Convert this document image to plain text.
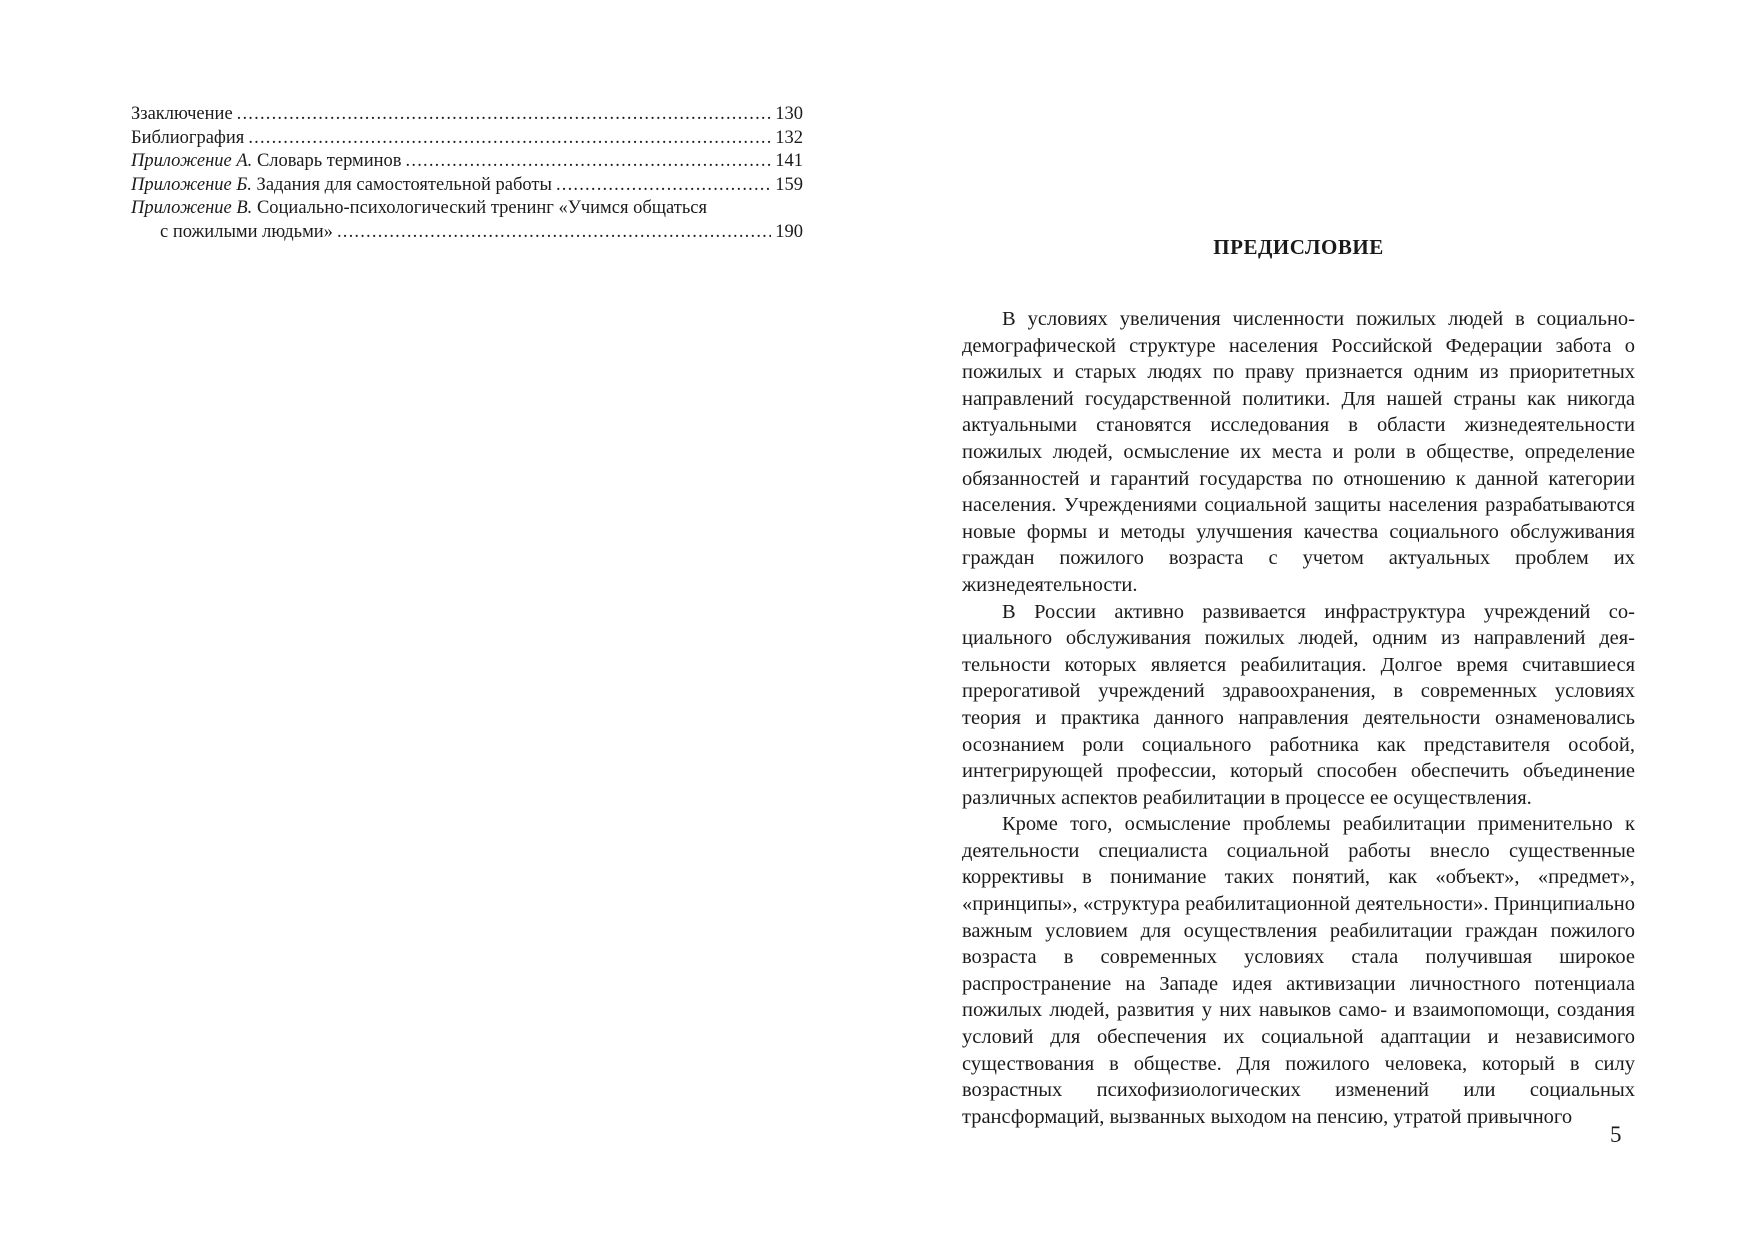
Ззаключение .....	130
Библиография .....	132
Приложение А. Словарь терминов .....	141
Приложение Б. Задания для самостоятельной работы .....	159
Приложение В. Социально-психологический тренинг «Учимся общаться
с пожилыми людьми» .....	190
ПРЕДИСЛОВИЕ

В условиях увеличения численности пожилых людей в социально-демографической структуре населения Российской Федерации забота о пожилых и старых людях по праву признается одним из приоритетных направлений государственной политики. Для нашей страны как никогда актуальными становятся исследования в области жизнедеятельности пожилых людей, осмысление их места и роли в обществе, определение обязанностей и гарантий государства по отношению к данной категории населения. Учреждениями социальной защиты населения разрабатываются новые формы и методы улучшения качества социального обслуживания граждан пожилого возраста с учетом актуальных проблем их жизнедеятельности.

В России активно развивается инфраструктура учреждений социального обслуживания пожилых людей, одним из направлений деятельности которых является реабилитация. Долгое время считавшиеся прерогативой учреждений здравоохранения, в современных условиях теория и практика данного направления деятельности ознаменовались осознанием роли социального работника как представителя особой, интегрирующей профессии, который способен обеспечить объединение различных аспектов реабилитации в процессе ее осуществления.

Кроме того, осмысление проблемы реабилитации применительно к деятельности специалиста социальной работы внесло существенные коррективы в понимание таких понятий, как «объект», «предмет», «принципы», «структура реабилитационной деятельности». Принципиально важным условием для осуществления реабилитации граждан пожилого возраста в современных условиях стала получившая широкое распространение на Западе идея активизации личностного потенциала пожилых людей, развития у них навыков само- и взаимопомощи, создания условий для обеспечения их социальной адаптации и независимого существования в обществе. Для пожилого человека, который в силу возрастных психофизиологических изменений или социальных трансформаций, вызванных выходом на пенсию, утратой привычного

5
